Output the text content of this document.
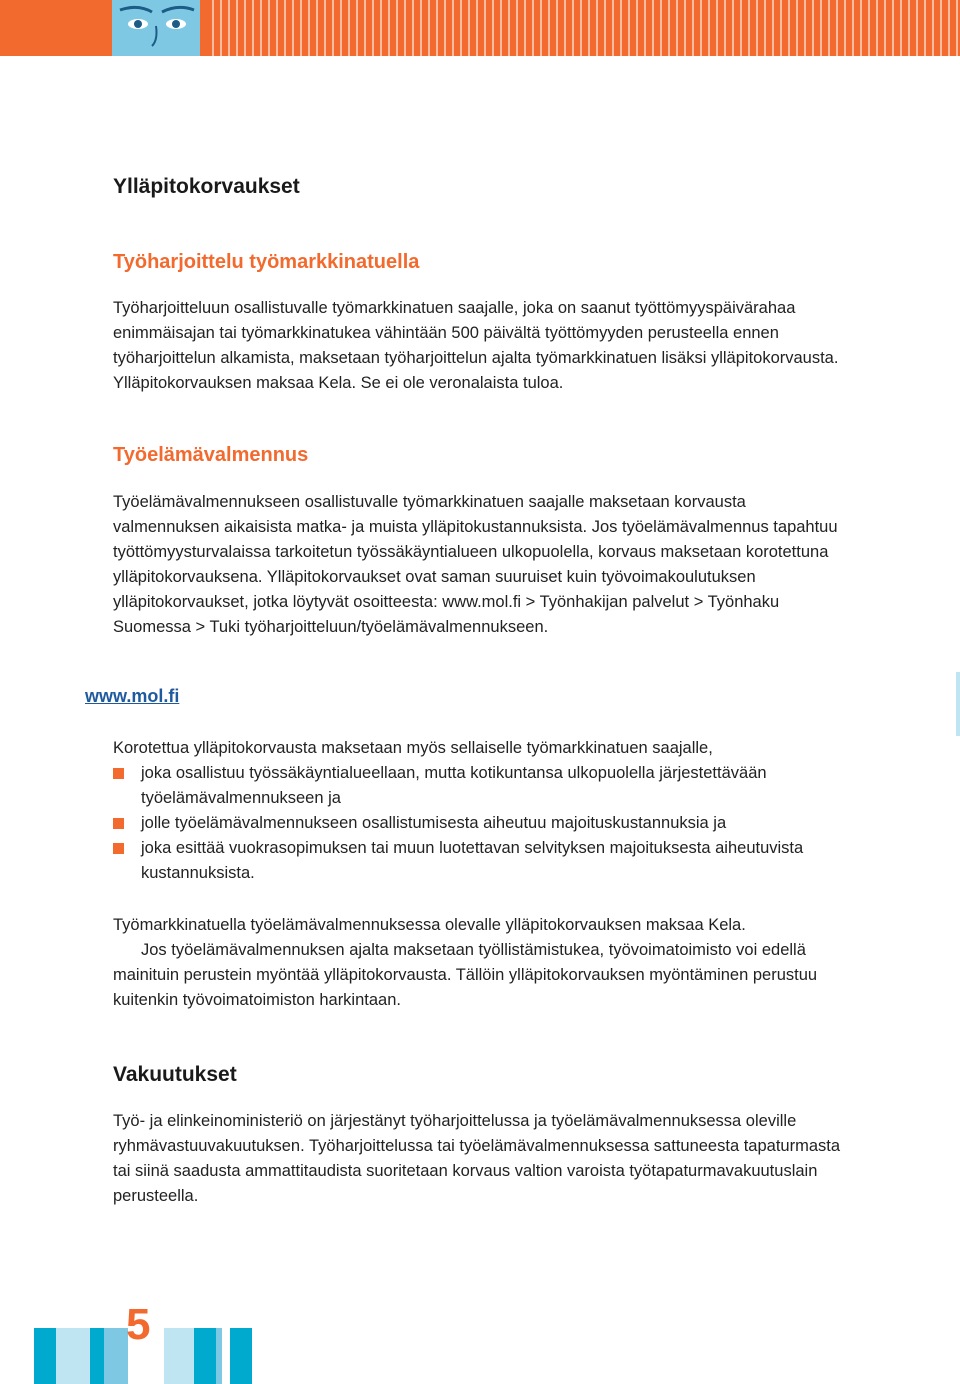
Ylläpitokorvaukset
Työharjoittelu työmarkkinatuella

Työharjoitteluun osallistuvalle työmarkkinatuen saajalle, joka on saanut työttömyyspäivärahaa enimmäisajan tai työmarkkinatukea vähintään 500 päivältä työttömyyden perusteella ennen työharjoittelun alkamista, maksetaan työharjoittelun ajalta työmarkkinatuen lisäksi ylläpitokorvausta. Ylläpitokorvauksen maksaa Kela. Se ei ole veronalaista tuloa.

Työelämävalmennus

Työelämävalmennukseen osallistuvalle työmarkkinatuen saajalle maksetaan korvausta valmennuksen aikaisista matka- ja muista ylläpitokustannuksista. Jos työelämävalmennus tapahtuu työttömyysturvalaissa tarkoitetun työssäkäyntialueen ulkopuolella, korvaus maksetaan korotettuna ylläpitokorvauksena. Ylläpitokorvaukset ovat saman suuruiset kuin työvoimakoulutuksen ylläpitokorvaukset, jotka löytyvät osoitteesta: www.mol.fi > Työnhakijan palvelut > Työnhaku Suomessa > Tuki työharjoitteluun/työelämävalmennukseen.

Korotettua ylläpitokorvausta maksetaan myös sellaiselle työmarkkinatuen saajalle,

joka osallistuu työssäkäyntialueellaan, mutta kotikuntansa ulkopuolella järjestettävään työelämävalmennukseen ja
jolle työelämävalmennukseen osallistumisesta aiheutuu majoituskustannuksia ja
joka esittää vuokrasopimuksen tai muun luotettavan selvityksen majoituksesta aiheutuvista kustannuksista.

Työmarkkinatuella työelämävalmennuksessa olevalle ylläpitokorvauksen maksaa Kela.

Jos työelämävalmennuksen ajalta maksetaan työllistämistukea, työvoimatoimisto voi edellä mainituin perustein myöntää ylläpitokorvausta. Tällöin ylläpitokorvauksen myöntäminen perustuu kuitenkin työvoimatoimiston harkintaan.

Vakuutukset

Työ- ja elinkeinoministeriö on järjestänyt työharjoittelussa ja työelämävalmennuksessa oleville ryhmävastuuvakuutuksen. Työharjoittelussa tai työelämävalmennuksessa sattuneesta tapaturmasta tai siinä saadusta ammattitaudista suoritetaan korvaus valtion varoista työtapaturmavakuutuslain perusteella.

www.mol.fi
5
